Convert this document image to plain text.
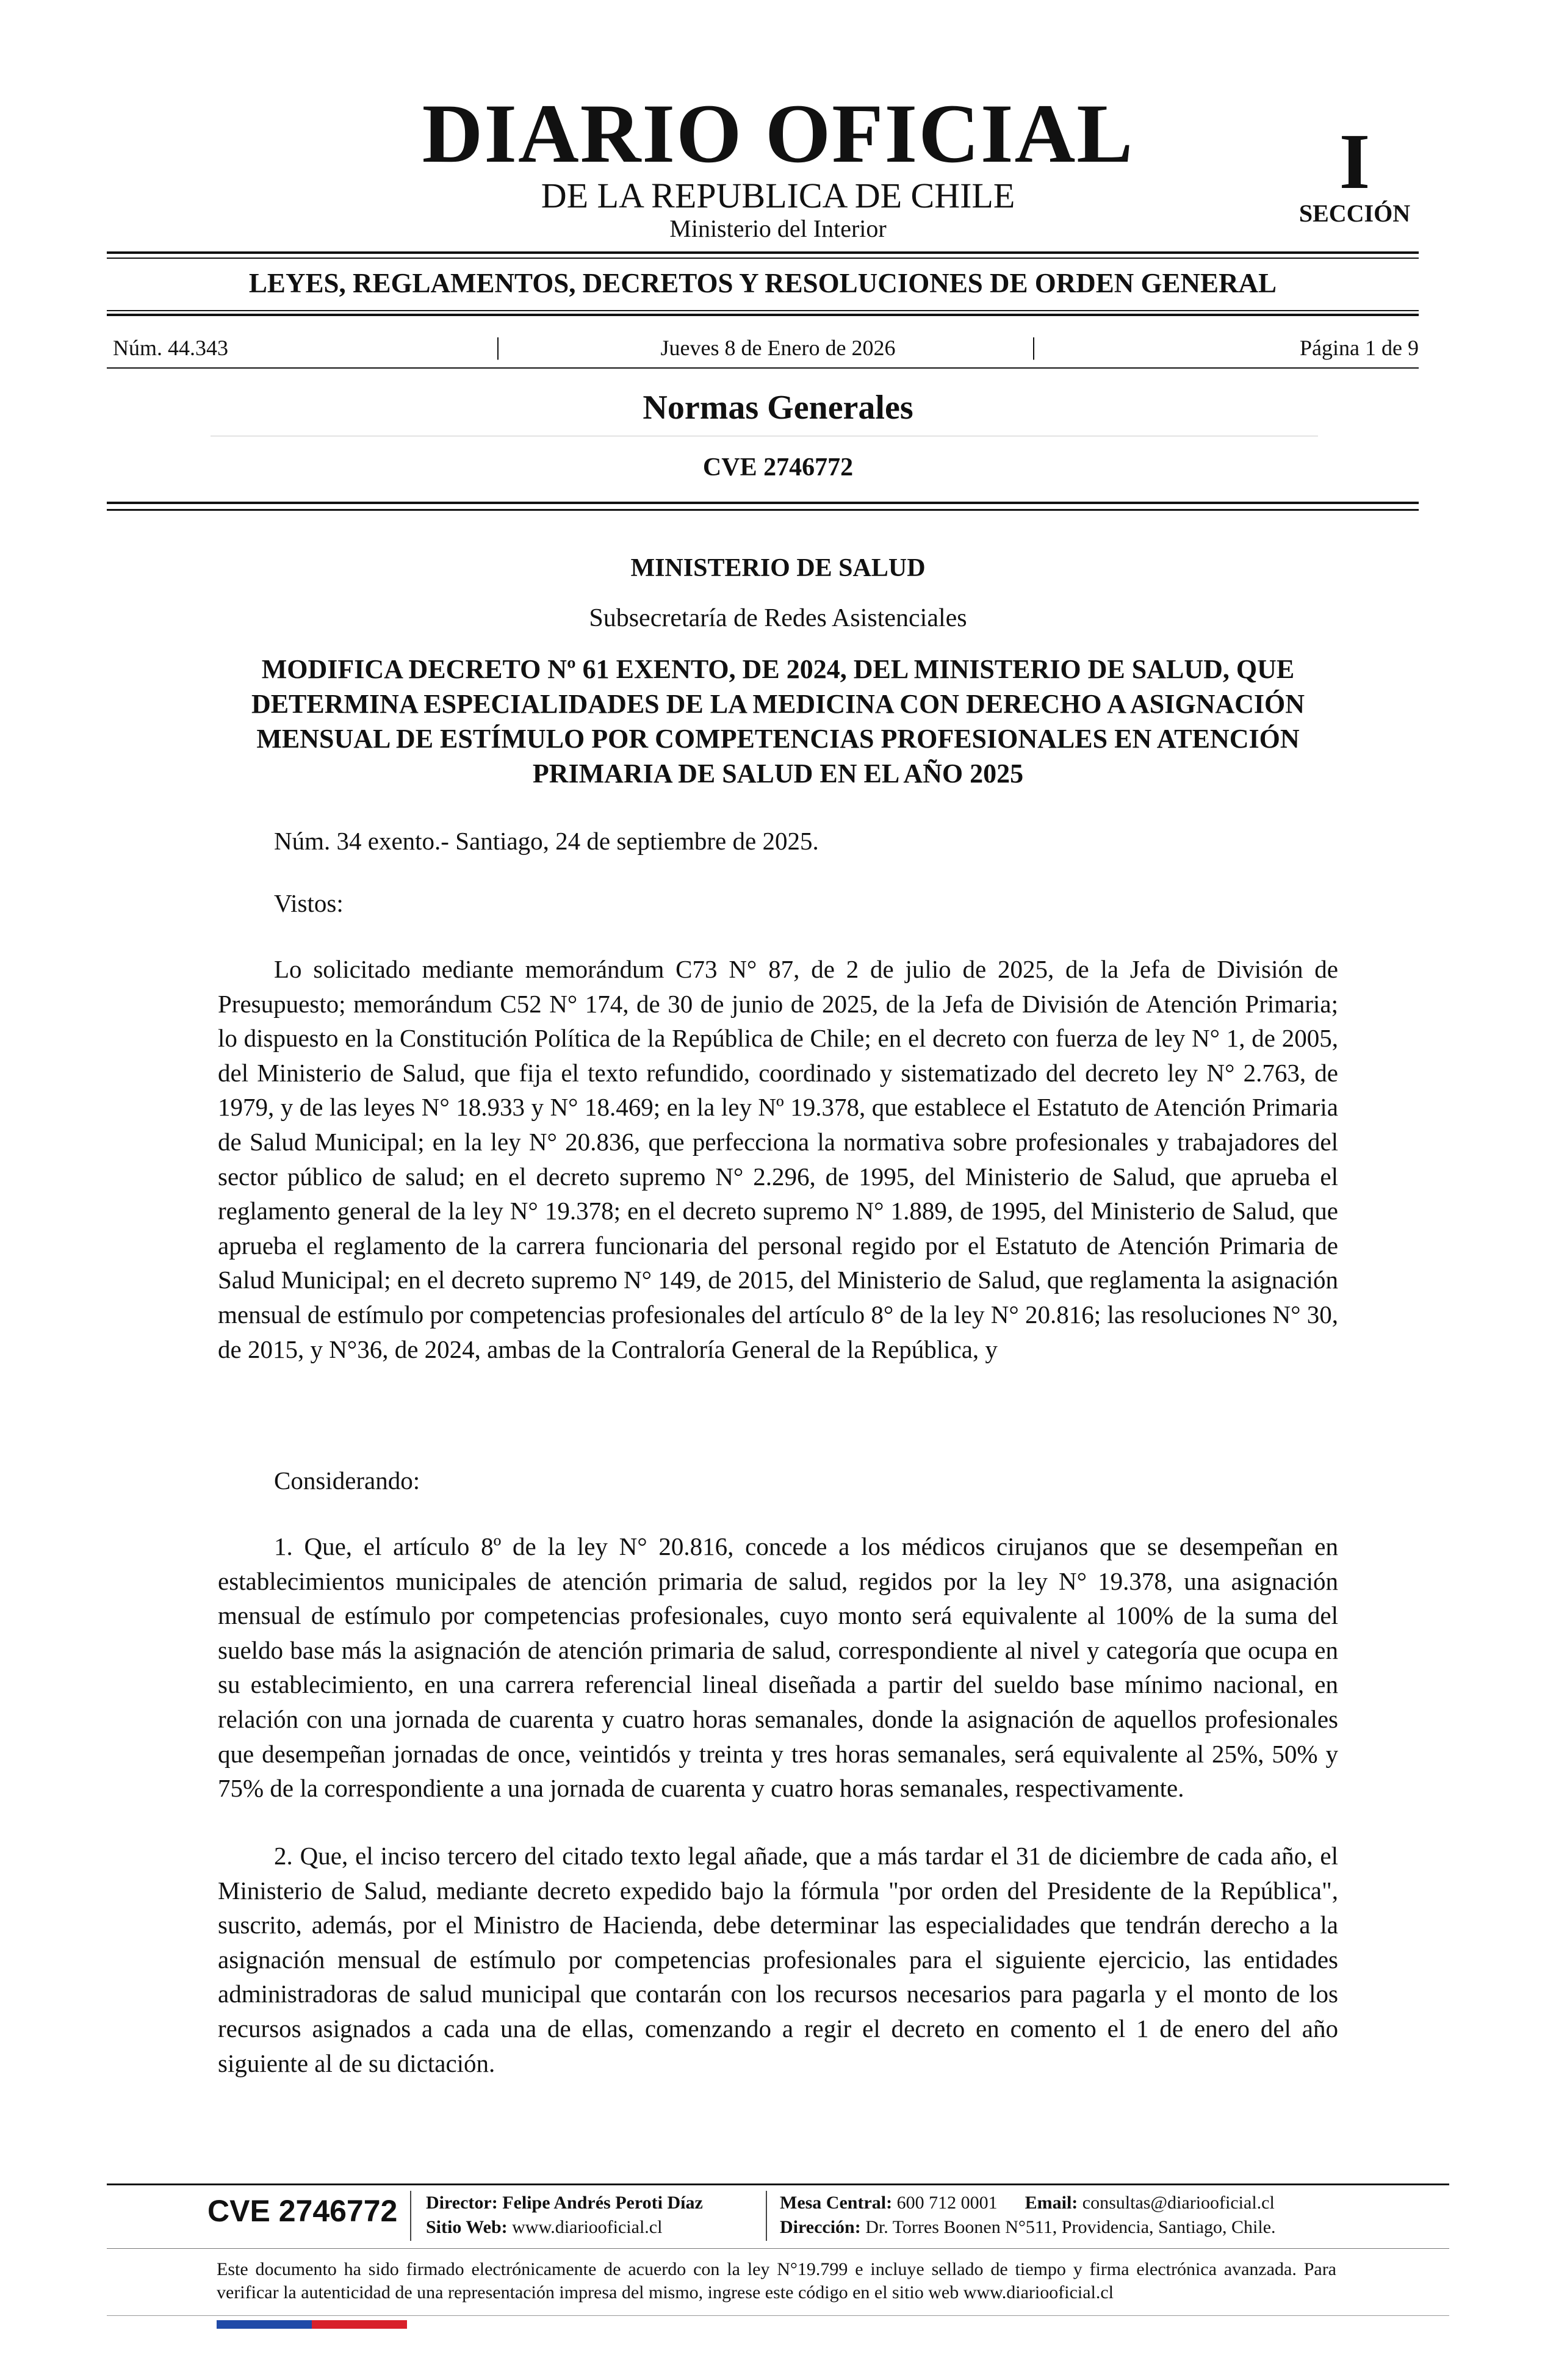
DIARIO OFICIAL
DE LA REPUBLICA DE CHILE
Ministerio del Interior
I
SECCIÓN
LEYES, REGLAMENTOS, DECRETOS Y RESOLUCIONES DE ORDEN GENERAL
Núm. 44.343	|	Jueves 8 de Enero de 2026	|	Página 1 de 9
Normas Generales
CVE 2746772
MINISTERIO DE SALUD
Subsecretaría de Redes Asistenciales
MODIFICA DECRETO Nº 61 EXENTO, DE 2024, DEL MINISTERIO DE SALUD, QUE DETERMINA ESPECIALIDADES DE LA MEDICINA CON DERECHO A ASIGNACIÓN MENSUAL DE ESTÍMULO POR COMPETENCIAS PROFESIONALES EN ATENCIÓN PRIMARIA DE SALUD EN EL AÑO 2025
Núm. 34 exento.- Santiago, 24 de septiembre de 2025.
Vistos:
Lo solicitado mediante memorándum C73 N° 87, de 2 de julio de 2025, de la Jefa de División de Presupuesto; memorándum C52 N° 174, de 30 de junio de 2025, de la Jefa de División de Atención Primaria; lo dispuesto en la Constitución Política de la República de Chile; en el decreto con fuerza de ley N° 1, de 2005, del Ministerio de Salud, que fija el texto refundido, coordinado y sistematizado del decreto ley N° 2.763, de 1979, y de las leyes N° 18.933 y N° 18.469; en la ley Nº 19.378, que establece el Estatuto de Atención Primaria de Salud Municipal; en la ley N° 20.836, que perfecciona la normativa sobre profesionales y trabajadores del sector público de salud; en el decreto supremo N° 2.296, de 1995, del Ministerio de Salud, que aprueba el reglamento general de la ley N° 19.378; en el decreto supremo N° 1.889, de 1995, del Ministerio de Salud, que aprueba el reglamento de la carrera funcionaria del personal regido por el Estatuto de Atención Primaria de Salud Municipal; en el decreto supremo N° 149, de 2015, del Ministerio de Salud, que reglamenta la asignación mensual de estímulo por competencias profesionales del artículo 8° de la ley N° 20.816; las resoluciones N° 30, de 2015, y N°36, de 2024, ambas de la Contraloría General de la República, y
Considerando:
1. Que, el artículo 8º de la ley N° 20.816, concede a los médicos cirujanos que se desempeñan en establecimientos municipales de atención primaria de salud, regidos por la ley N° 19.378, una asignación mensual de estímulo por competencias profesionales, cuyo monto será equivalente al 100% de la suma del sueldo base más la asignación de atención primaria de salud, correspondiente al nivel y categoría que ocupa en su establecimiento, en una carrera referencial lineal diseñada a partir del sueldo base mínimo nacional, en relación con una jornada de cuarenta y cuatro horas semanales, donde la asignación de aquellos profesionales que desempeñan jornadas de once, veintidós y treinta y tres horas semanales, será equivalente al 25%, 50% y 75% de la correspondiente a una jornada de cuarenta y cuatro horas semanales, respectivamente.
2. Que, el inciso tercero del citado texto legal añade, que a más tardar el 31 de diciembre de cada año, el Ministerio de Salud, mediante decreto expedido bajo la fórmula "por orden del Presidente de la República", suscrito, además, por el Ministro de Hacienda, debe determinar las especialidades que tendrán derecho a la asignación mensual de estímulo por competencias profesionales para el siguiente ejercicio, las entidades administradoras de salud municipal que contarán con los recursos necesarios para pagarla y el monto de los recursos asignados a cada una de ellas, comenzando a regir el decreto en comento el 1 de enero del año siguiente al de su dictación.
CVE 2746772 Director: Felipe Andrés Peroti Díaz
Sitio Web: www.diariooficial.cl
Mesa Central: 600 712 0001 Email: consultas@diariooficial.cl
Dirección: Dr. Torres Boonen N°511, Providencia, Santiago, Chile.
Este documento ha sido firmado electrónicamente de acuerdo con la ley N°19.799 e incluye sellado de tiempo y firma electrónica avanzada. Para verificar la autenticidad de una representación impresa del mismo, ingrese este código en el sitio web www.diariooficial.cl
